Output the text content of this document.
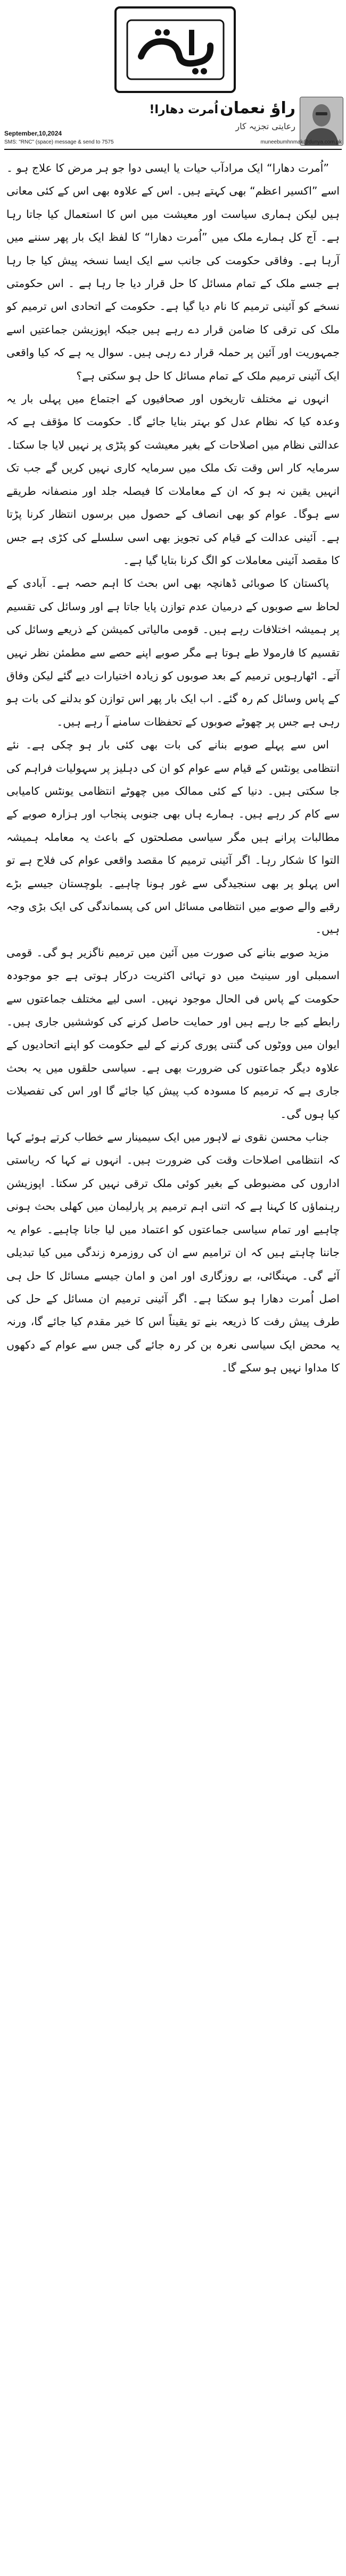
اُمرت دھارا! راؤ نعمان
رعایتی تجزیہ کار
September,10,2024
SMS: "RNC" (space) message & send to 7575	muneebumhnmak@dunya.com.pk

”اُمرت دھارا“ ایک مرادآب حیات یا ایسی دوا جو ہر مرض کا علاج ہو ۔ اسے ”اکسیر اعظم“ بھی کہتے ہیں۔ اس کے علاوہ بھی اس کے کئی معانی ہیں لیکن ہماری سیاست اور معیشت میں اس کا استعمال کیا جاتا رہا ہے۔ آج کل ہمارے ملک میں ”اُمرت دھارا“ کا لفظ ایک بار پھر سننے میں آرہا ہے۔ وفاقی حکومت کی جانب سے ایک ایسا نسخہ پیش کیا جا رہا ہے جسے ملک کے تمام مسائل کا حل قرار دیا جا رہا ہے ۔ اس حکومتی نسخے کو آئینی ترمیم کا نام دیا گیا ہے۔ حکومت کے اتحادی اس ترمیم کو ملک کی ترقی کا ضامن قرار دے رہے ہیں جبکہ اپوزیشن جماعتیں اسے جمہوریت اور آئین پر حملہ قرار دے رہی ہیں۔ سوال یہ ہے کہ کیا واقعی ایک آئینی ترمیم ملک کے تمام مسائل کا حل ہو سکتی ہے؟

انہوں نے مختلف تاریخوں اور صحافیوں کے اجتماع میں پہلی بار یہ وعدہ کیا کہ نظام عدل کو بہتر بنایا جائے گا۔ حکومت کا مؤقف ہے کہ عدالتی نظام میں اصلاحات کے بغیر معیشت کو پٹڑی پر نہیں لایا جا سکتا۔ سرمایہ کار اس وقت تک ملک میں سرمایہ کاری نہیں کریں گے جب تک انہیں یقین نہ ہو کہ ان کے معاملات کا فیصلہ جلد اور منصفانہ طریقے سے ہوگا۔ عوام کو بھی انصاف کے حصول میں برسوں انتظار کرنا پڑتا ہے۔ آئینی عدالت کے قیام کی تجویز بھی اسی سلسلے کی کڑی ہے جس کا مقصد آئینی معاملات کو الگ کرنا بتایا گیا ہے۔

پاکستان کا صوبائی ڈھانچہ بھی اس بحث کا اہم حصہ ہے۔ آبادی کے لحاظ سے صوبوں کے درمیان عدم توازن پایا جاتا ہے اور وسائل کی تقسیم پر ہمیشہ اختلافات رہے ہیں۔ قومی مالیاتی کمیشن کے ذریعے وسائل کی تقسیم کا فارمولا طے ہوتا ہے مگر صوبے اپنے حصے سے مطمئن نظر نہیں آتے۔ اٹھارہویں ترمیم کے بعد صوبوں کو زیادہ اختیارات دیے گئے لیکن وفاق کے پاس وسائل کم رہ گئے۔ اب ایک بار پھر اس توازن کو بدلنے کی بات ہو رہی ہے جس پر چھوٹے صوبوں کے تحفظات سامنے آ رہے ہیں۔

اس سے پہلے صوبے بنانے کی بات بھی کئی بار ہو چکی ہے۔ نئے انتظامی یونٹس کے قیام سے عوام کو ان کی دہلیز پر سہولیات فراہم کی جا سکتی ہیں۔ دنیا کے کئی ممالک میں چھوٹے انتظامی یونٹس کامیابی سے کام کر رہے ہیں۔ ہمارے ہاں بھی جنوبی پنجاب اور ہزارہ صوبے کے مطالبات پرانے ہیں مگر سیاسی مصلحتوں کے باعث یہ معاملہ ہمیشہ التوا کا شکار رہا۔ اگر آئینی ترمیم کا مقصد واقعی عوام کی فلاح ہے تو اس پہلو پر بھی سنجیدگی سے غور ہونا چاہیے۔ بلوچستان جیسے بڑے رقبے والے صوبے میں انتظامی مسائل اس کی پسماندگی کی ایک بڑی وجہ ہیں۔

مزید صوبے بنانے کی صورت میں آئین میں ترمیم ناگزیر ہو گی۔ قومی اسمبلی اور سینیٹ میں دو تہائی اکثریت درکار ہوتی ہے جو موجودہ حکومت کے پاس فی الحال موجود نہیں۔ اسی لیے مختلف جماعتوں سے رابطے کیے جا رہے ہیں اور حمایت حاصل کرنے کی کوششیں جاری ہیں۔ ایوان میں ووٹوں کی گنتی پوری کرنے کے لیے حکومت کو اپنے اتحادیوں کے علاوہ دیگر جماعتوں کی ضرورت بھی ہے۔ سیاسی حلقوں میں یہ بحث جاری ہے کہ ترمیم کا مسودہ کب پیش کیا جائے گا اور اس کی تفصیلات کیا ہوں گی۔

جناب محسن نقوی نے لاہور میں ایک سیمینار سے خطاب کرتے ہوئے کہا کہ انتظامی اصلاحات وقت کی ضرورت ہیں۔ انہوں نے کہا کہ ریاستی اداروں کی مضبوطی کے بغیر کوئی ملک ترقی نہیں کر سکتا۔ اپوزیشن رہنماؤں کا کہنا ہے کہ اتنی اہم ترمیم پر پارلیمان میں کھلی بحث ہونی چاہیے اور تمام سیاسی جماعتوں کو اعتماد میں لیا جانا چاہیے۔ عوام یہ جاننا چاہتے ہیں کہ ان ترامیم سے ان کی روزمرہ زندگی میں کیا تبدیلی آئے گی۔ مہنگائی، بے روزگاری اور امن و امان جیسے مسائل کا حل ہی اصل اُمرت دھارا ہو سکتا ہے۔ اگر آئینی ترمیم ان مسائل کے حل کی طرف پیش رفت کا ذریعہ بنے تو یقیناً اس کا خیر مقدم کیا جائے گا، ورنہ یہ محض ایک سیاسی نعرہ بن کر رہ جائے گی جس سے عوام کے دکھوں کا مداوا نہیں ہو سکے گا۔
